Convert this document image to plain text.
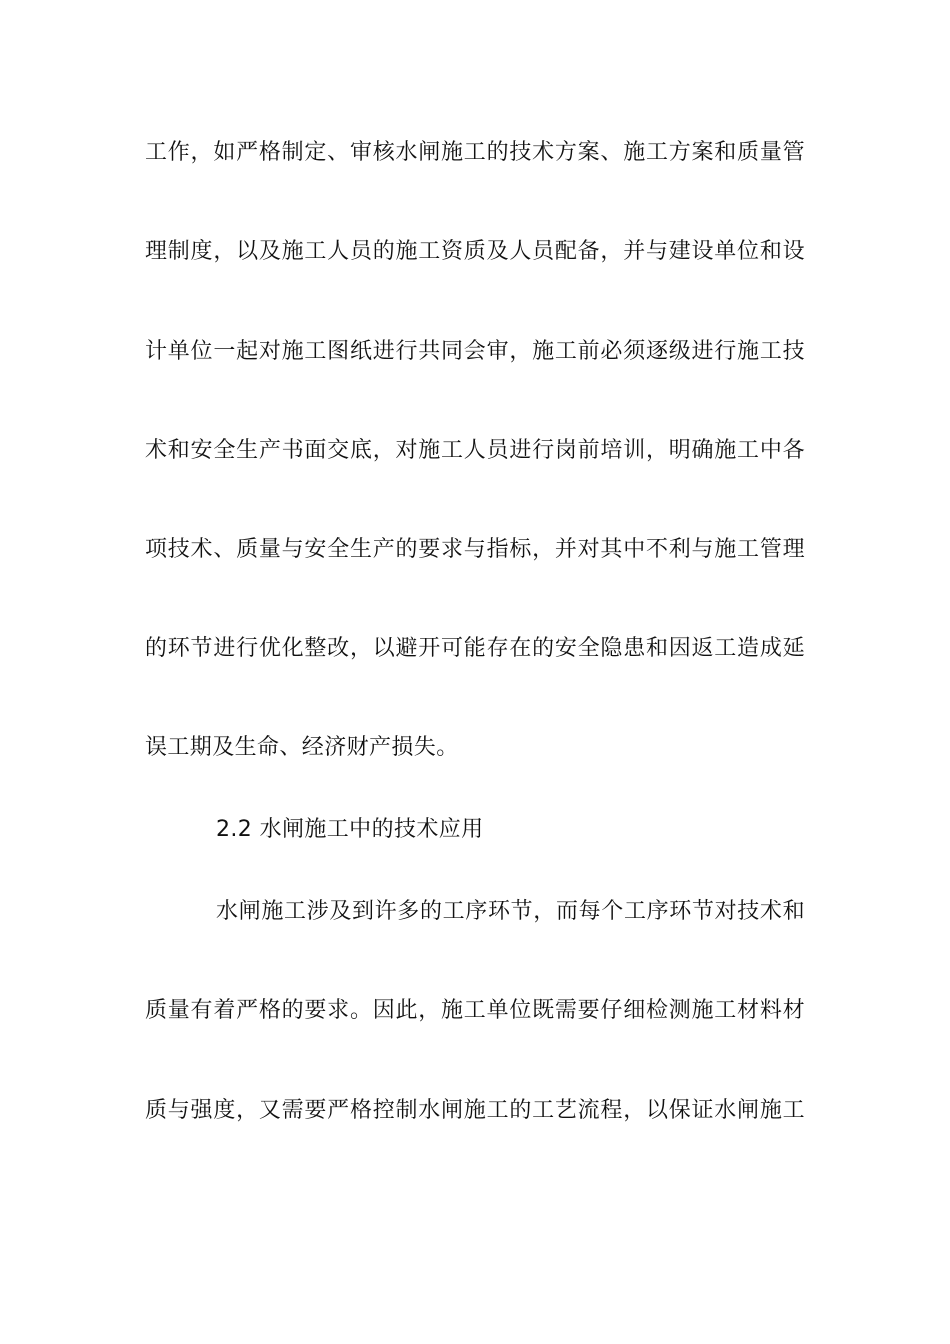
工作，如严格制定、审核水闸施工的技术方案、施工方案和质量管
理制度，以及施工人员的施工资质及人员配备，并与建设单位和设
计单位一起对施工图纸进行共同会审，施工前必须逐级进行施工技
术和安全生产书面交底，对施工人员进行岗前培训，明确施工中各
项技术、质量与安全生产的要求与指标，并对其中不利与施工管理
的环节进行优化整改，以避开可能存在的安全隐患和因返工造成延
误工期及生命、经济财产损失。
2.2 水闸施工中的技术应用
水闸施工涉及到许多的工序环节，而每个工序环节对技术和
质量有着严格的要求。因此，施工单位既需要仔细检测施工材料材
质与强度，又需要严格控制水闸施工的工艺流程，以保证水闸施工
